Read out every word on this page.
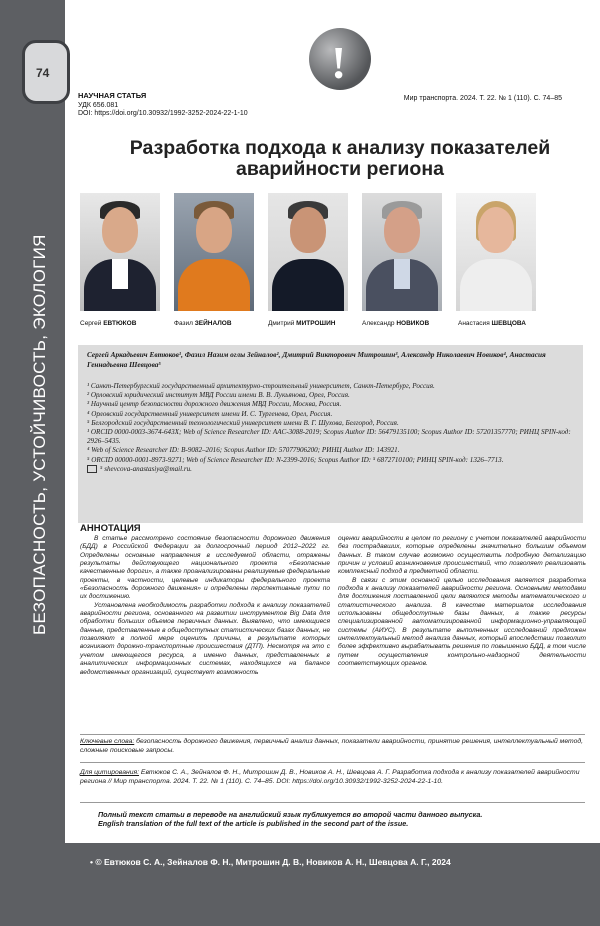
74
БЕЗОПАСНОСТЬ, УСТОЙЧИВОСТЬ, ЭКОЛОГИЯ
!
НАУЧНАЯ СТАТЬЯ
УДК 656.081
DOI: https://doi.org/10.30932/1992-3252-2024-22-1-10
Мир транспорта. 2024. Т. 22. № 1 (110). С. 74–85
Разработка подхода к анализу показателей аварийности региона
Сергей ЕВТЮКОВ	Фазил ЗЕЙНАЛОВ	Дмитрий МИТРОШИН	Александр НОВИКОВ	Анастасия ШЕВЦОВА
Сергей Аркадьевич Евтюков¹, Фазил Назим оглы Зейналов², Дмитрий Викторович Митрошин³, Александр Николаевич Новиков⁴, Анастасия Геннадьевна Шевцова⁵
¹ Санкт-Петербургский государственный архитектурно-строительный университет, Санкт-Петербург, Россия.
² Орловский юридический институт МВД России имени В. В. Лукьянова, Орел, Россия.
³ Научный центр безопасности дорожного движения МВД России, Москва, Россия.
⁴ Орловский государственный университет имени И. С. Тургенева, Орел, Россия.
⁵ Белгородский государственный технологический университет имени В. Г. Шухова, Белгород, Россия.
¹ ORCID 0000-0003-3674-643X; Web of Science Researcher ID: AAC-3088-2019; Scopus Author ID: 56479135100; Scopus Author ID: 57201357770; РИНЦ SPIN-код: 2926–5435.
⁴ Web of Science Researcher ID: B-9082–2016; Scopus Author ID: 57077906200; РИНЦ Author ID: 143921.
⁵ ORCID 00000-0001-8973-9271; Web of Science Researcher ID: N-2399-2016; Scopus Author ID: ⁵ 6872710100; РИНЦ SPIN-код: 1326–7713.
⁵ shevcova-anastasiya@mail.ru.
АННОТАЦИЯ

В статье рассмотрено состояние безопасности дорожного движения (БДД) в Российской Федерации за долгосрочный период 2012–2022 гг. Определены основные направления в исследуемой области, отражены результаты действующего национального проекта «Безопасные качественные дороги», а также проанализированы реализуемые федеральные проекты, в частности, целевые индикаторы федерального проекта «Безопасность дорожного движения» и определены перспективные пути по их достижению.

Установлена необходимость разработки подхода к анализу показателей аварийности региона, основанного на развитии инструментов Big Data для обработки больших объемов первичных данных. Выявлено, что имеющиеся данные, представленные в общедоступных статистических базах данных, не позволяют в полной мере оценить причины, в результате которых возникают дорожно-транспортные происшествия (ДТП). Несмотря на это с учетом имеющегося ресурса, а именно данных, представленных в аналитических информационных системах, находящихся на балансе ведомственных организаций, существует возможность

оценки аварийности в целом по региону с учетом показателей аварийности без пострадавших, которые определены значительно большим объемом данных. В таком случае возможно осуществить подробную детализацию причин и условий возникновения происшествий, что позволяет реализовать комплексный подход в предметной области.

В связи с этим основной целью исследования является разработка подхода к анализу показателей аварийности региона. Основными методами для достижения поставленной цели являются методы математического и статистического анализа. В качестве материалов исследования использованы общедоступные базы данных, а также ресурсы специализированной автоматизированной информационно-управляющей системы (АИУС). В результате выполненных исследований предложен интеллектуальный метод анализа данных, который впоследствии позволит более эффективно вырабатывать решения по повышению БДД, в том числе путем осуществления контрольно-надзорной деятельности соответствующих органов.

Ключевые слова: безопасность дорожного движения, первичный анализ данных, показатели аварийности, принятие решения, интеллектуальный метод, сложные поисковые запросы.
Для цитирования: Евтюков С. А., Зейналов Ф. Н., Митрошин Д. В., Новиков А. Н., Шевцова А. Г. Разработка подхода к анализу показателей аварийности региона // Мир транспорта. 2024. Т. 22. № 1 (110). С. 74–85. DOI: https://doi.org/10.30932/1992-3252-2024-22-1-10.
Полный текст статьи в переводе на английский язык публикуется во второй части данного выпуска.
English translation of the full text of the article is published in the second part of the issue.
• © Евтюков С. А., Зейналов Ф. Н., Митрошин Д. В., Новиков А. Н., Шевцова А. Г., 2024
